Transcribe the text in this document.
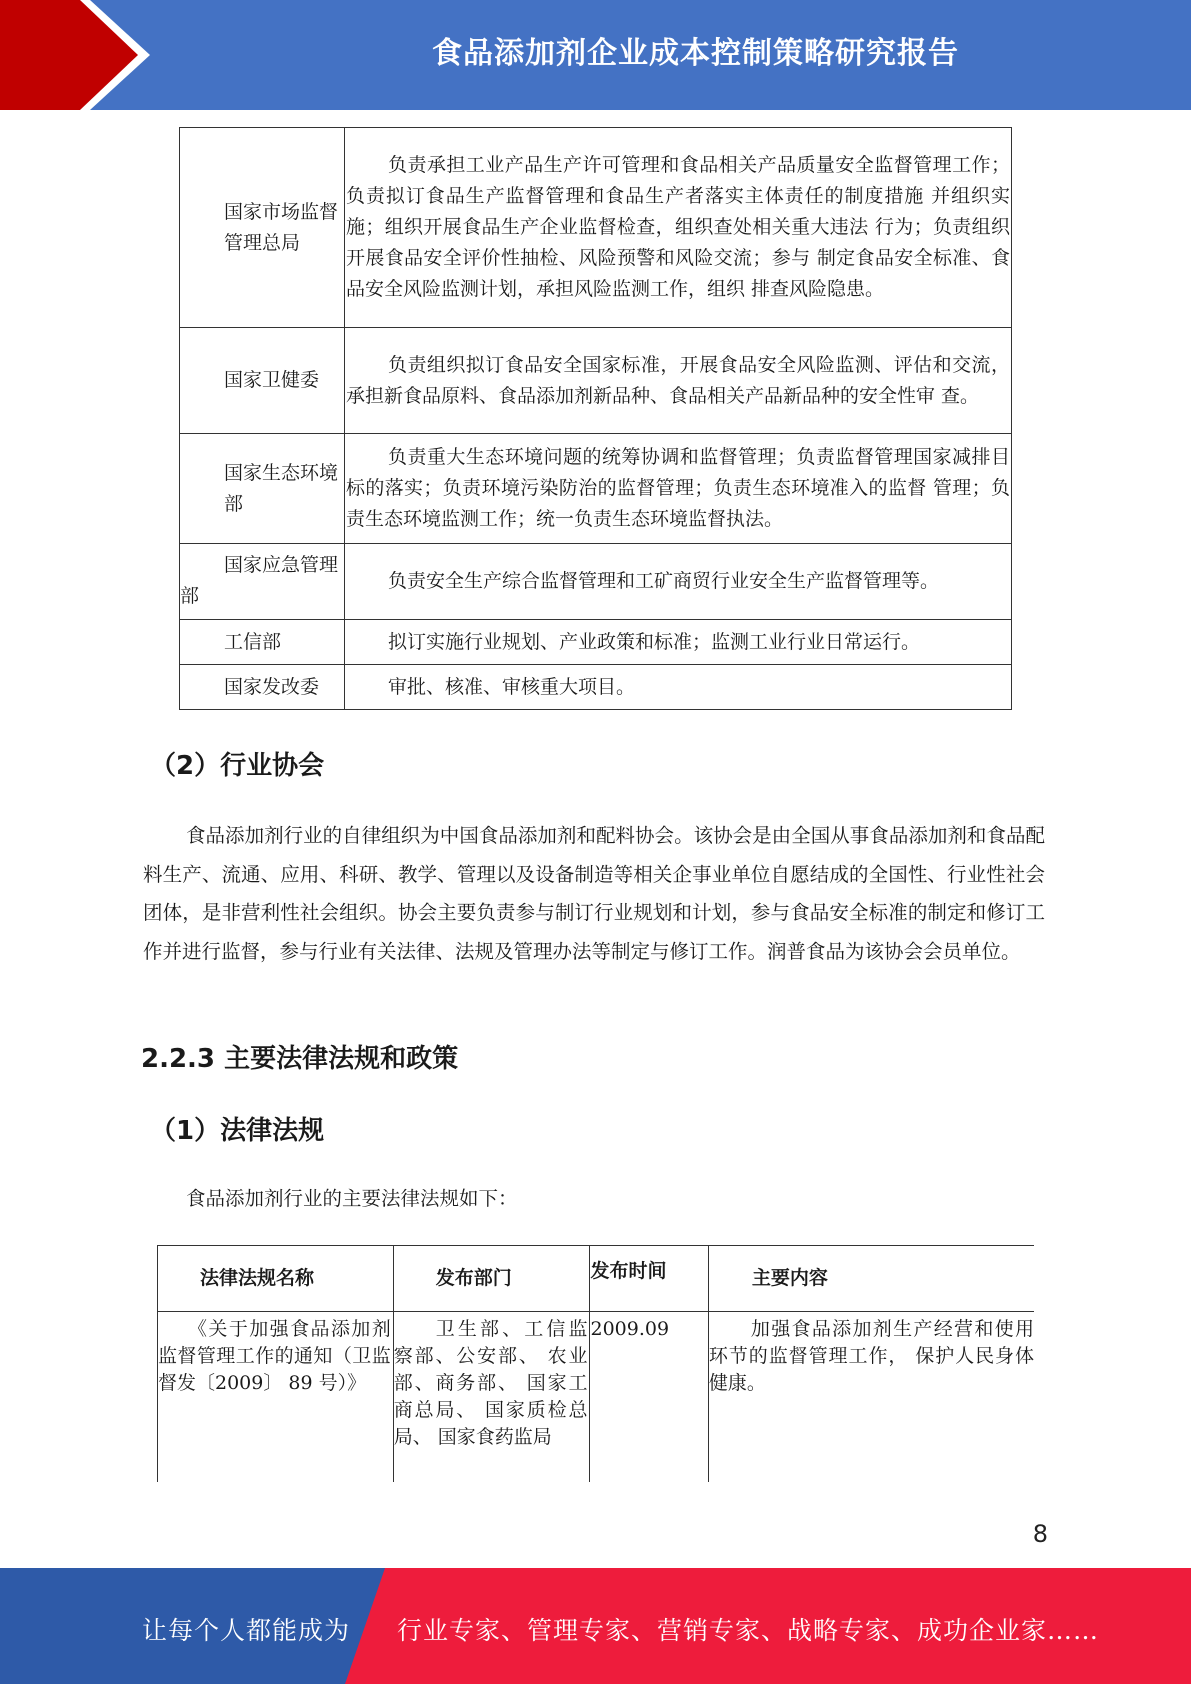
食品添加剂企业成本控制策略研究报告
国家市场监督
管理总局	负责承担工业产品生产许可管理和食品相关产品质量安全监督管理工作；负责拟订食品生产监督管理和食品生产者落实主体责任的制度措施 并组织实施；组织开展食品生产企业监督检查，组织查处相关重大违法 行为；负责组织开展食品安全评价性抽检、风险预警和风险交流；参与 制定食品安全标准、食品安全风险监测计划，承担风险监测工作，组织 排查风险隐患。

国家卫健委	负责组织拟订食品安全国家标准，开展食品安全风险监测、评估和交流，承担新食品原料、食品添加剂新品种、食品相关产品新品种的安全性审 查。

国家生态环境
部	负责重大生态环境问题的统筹协调和监督管理；负责监督管理国家减排目标的落实；负责环境污染防治的监督管理；负责生态环境准入的监督 管理；负责生态环境监测工作；统一负责生态环境监督执法。

国家应急管理
部	负责安全生产综合监督管理和工矿商贸行业安全生产监督管理等。

工信部	拟订实施行业规划、产业政策和标准；监测工业行业日常运行。

国家发改委	审批、核准、审核重大项目。
（2）行业协会

食品添加剂行业的自律组织为中国食品添加剂和配料协会。该协会是由全国从事食品添加剂和食品配料生产、流通、应用、科研、教学、管理以及设备制造等相关企事业单位自愿结成的全国性、行业性社会团体，是非营利性社会组织。协会主要负责参与制订行业规划和计划，参与食品安全标准的制定和修订工作并进行监督，参与行业有关法律、法规及管理办法等制定与修订工作。润普食品为该协会会员单位。

2.2.3 主要法律法规和政策
（1）法律法规

食品添加剂行业的主要法律法规如下：

法律法规名称	发布部门	发布时间	主要内容
《关于加强食品添加剂监督管理工作的通知（卫监督发〔2009〕 89 号）》	卫生部、工信监察部、公安部、 农业部、商务部、 国家工商总局、 国家质检总局、 国家食药监局	2009.09	加强食品添加剂生产经营和使用环节的监督管理工作， 保护人民身体健康。
8
让每个人都能成为 行业专家、管理专家、营销专家、战略专家、成功企业家……
